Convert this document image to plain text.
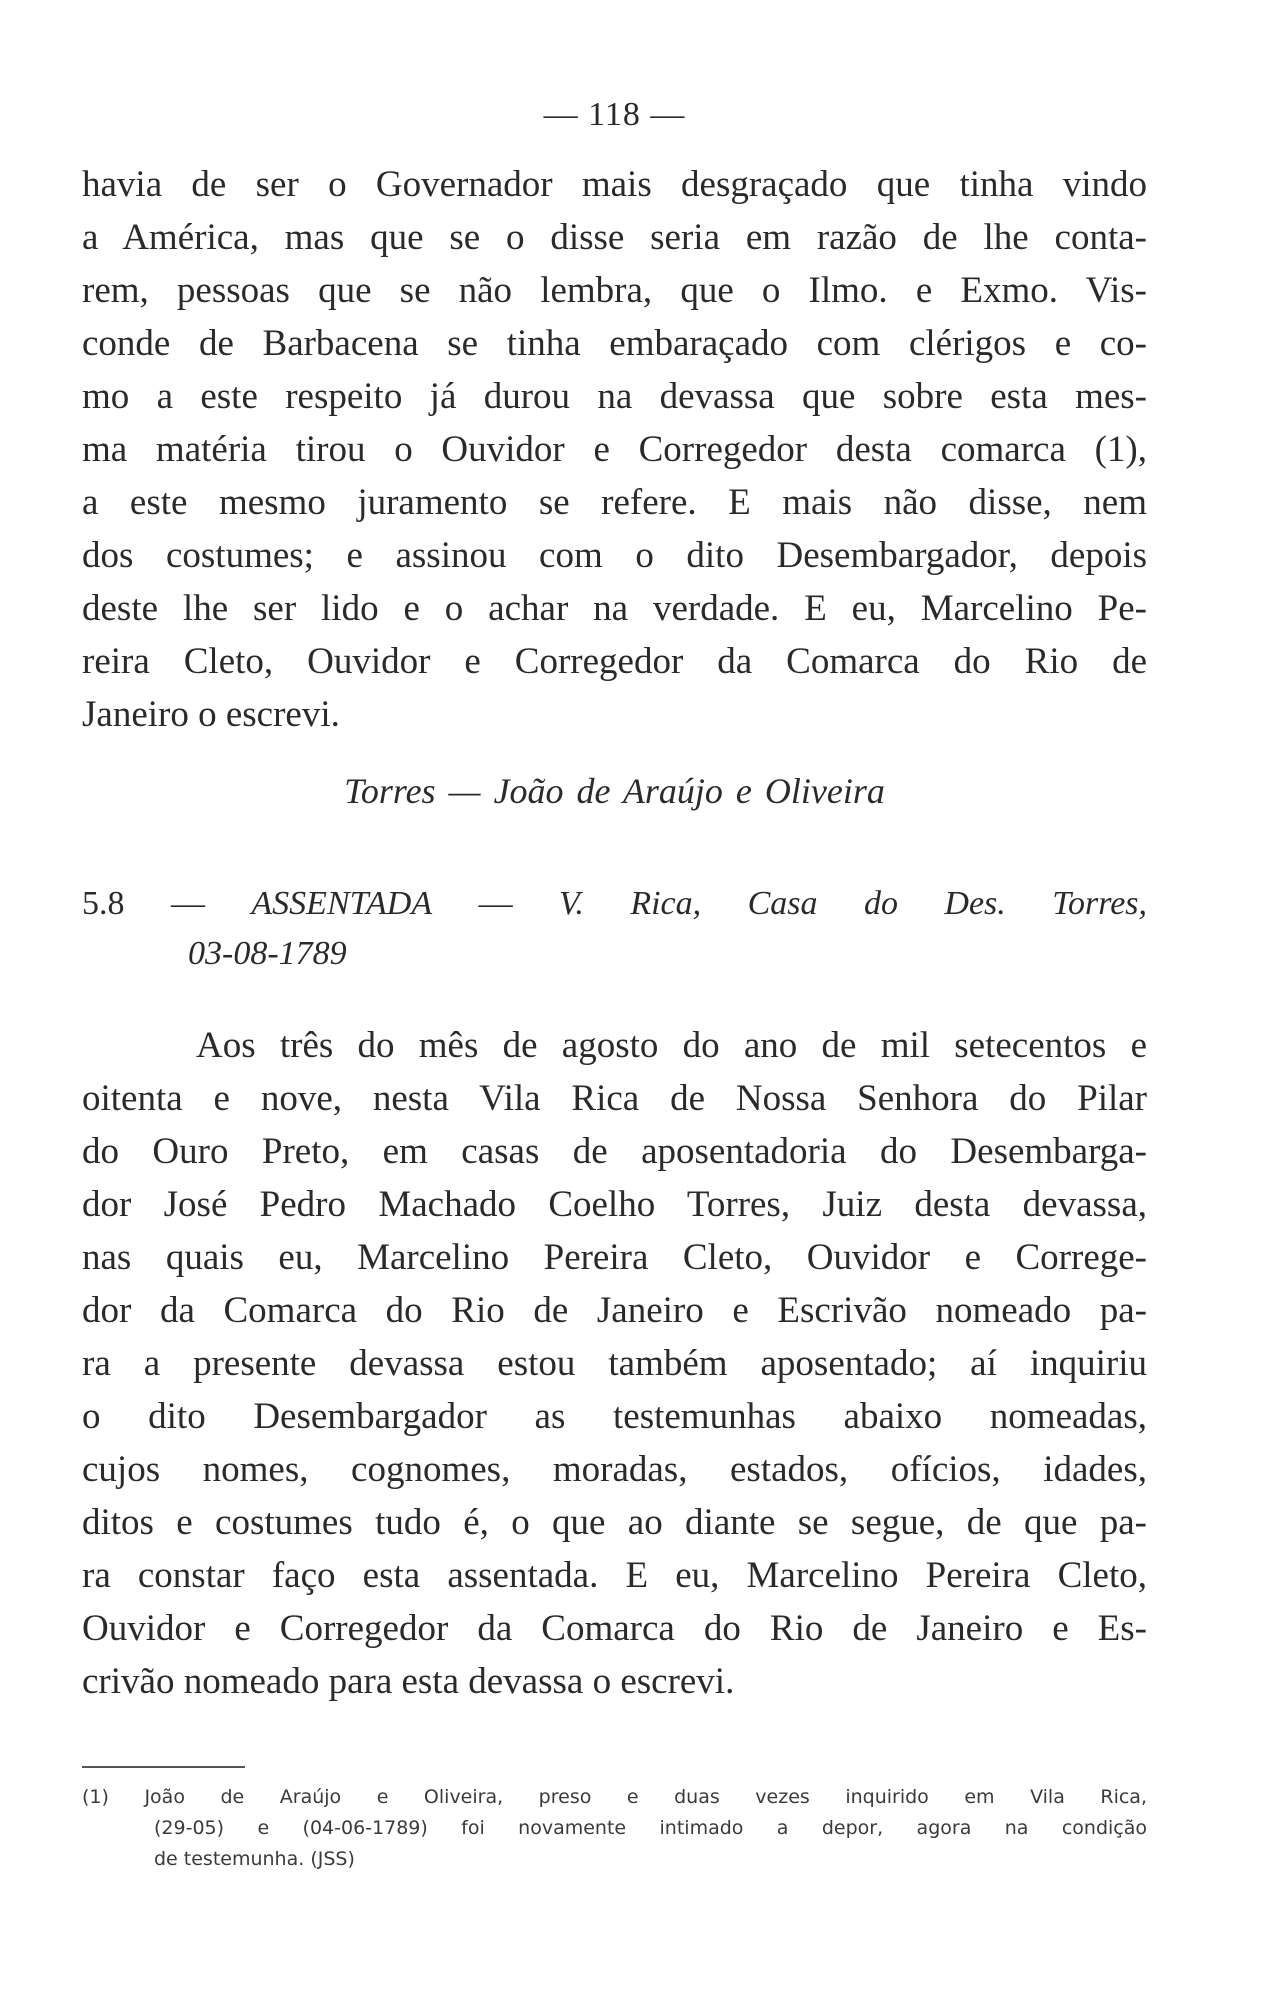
— 118 —
havia de ser o Governador mais desgraçado que tinha vindo
a América, mas que se o disse seria em razão de lhe conta-
rem, pessoas que se não lembra, que o Ilmo. e Exmo. Vis-
conde de Barbacena se tinha embaraçado com clérigos e co-
mo a este respeito já durou na devassa que sobre esta mes-
ma matéria tirou o Ouvidor e Corregedor desta comarca (1),
a este mesmo juramento se refere. E mais não disse, nem
dos costumes; e assinou com o dito Desembargador, depois
deste lhe ser lido e o achar na verdade. E eu, Marcelino Pe-
reira Cleto, Ouvidor e Corregedor da Comarca do Rio de
Janeiro o escrevi.
Torres — João de Araújo e Oliveira
5.8 — ASSENTADA — V. Rica, Casa do Des. Torres,
03-08-1789
Aos três do mês de agosto do ano de mil setecentos e
oitenta e nove, nesta Vila Rica de Nossa Senhora do Pilar
do Ouro Preto, em casas de aposentadoria do Desembarga-
dor José Pedro Machado Coelho Torres, Juiz desta devassa,
nas quais eu, Marcelino Pereira Cleto, Ouvidor e Correge-
dor da Comarca do Rio de Janeiro e Escrivão nomeado pa-
ra a presente devassa estou também aposentado; aí inquiriu
o dito Desembargador as testemunhas abaixo nomeadas,
cujos nomes, cognomes, moradas, estados, ofícios, idades,
ditos e costumes tudo é, o que ao diante se segue, de que pa-
ra constar faço esta assentada. E eu, Marcelino Pereira Cleto,
Ouvidor e Corregedor da Comarca do Rio de Janeiro e Es-
crivão nomeado para esta devassa o escrevi.
(1) João de Araújo e Oliveira, preso e duas vezes inquirido em Vila Rica,
(29-05) e (04-06-1789) foi novamente intimado a depor, agora na condição
de testemunha. (JSS)
